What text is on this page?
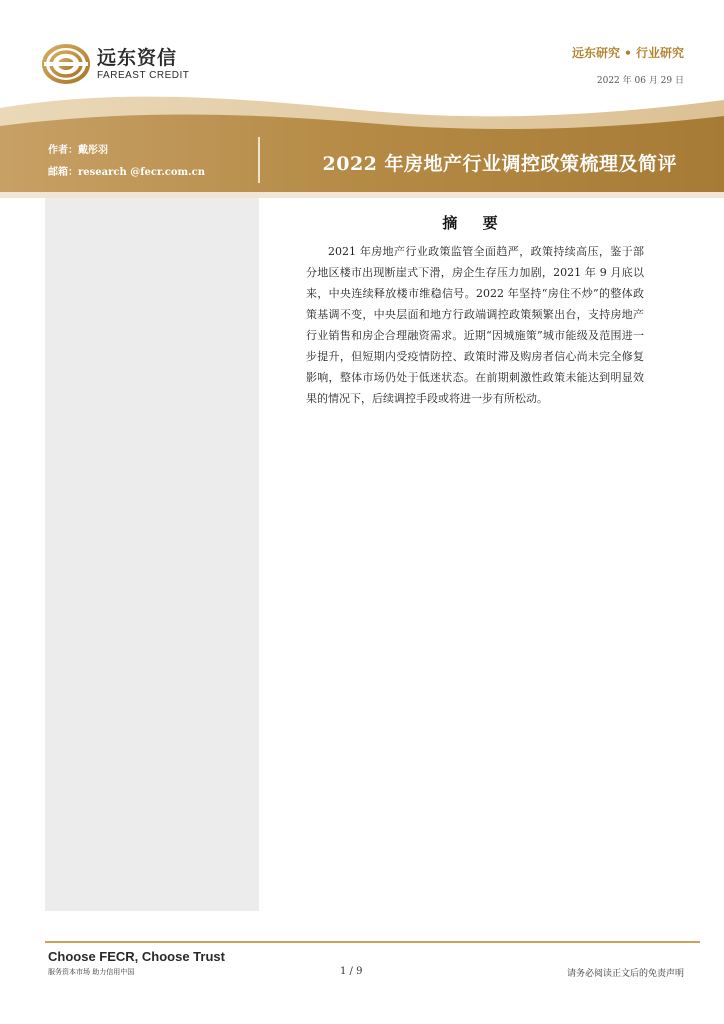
远东资信
FAREAST CREDIT
远东研究 • 行业研究
2022 年 06 月 29 日
作者：戴彤羽
邮箱：research @fecr.com.cn	2022 年房地产行业调控政策梳理及简评
摘 要

2021 年房地产行业政策监管全面趋严，政策持续高压，鉴于部分地区楼市出现断崖式下滑，房企生存压力加剧，2021 年 9 月底以来，中央连续释放楼市维稳信号。2022 年坚持“房住不炒”的整体政策基调不变，中央层面和地方行政端调控政策频繁出台，支持房地产行业销售和房企合理融资需求。近期“因城施策”城市能级及范围进一步提升，但短期内受疫情防控、政策时滞及购房者信心尚未完全修复影响，整体市场仍处于低迷状态。在前期刺激性政策未能达到明显效果的情况下，后续调控手段或将进一步有所松动。

Choose FECR, Choose Trust
服务资本市场 助力信用中国	1 / 9	请务必阅读正文后的免责声明
